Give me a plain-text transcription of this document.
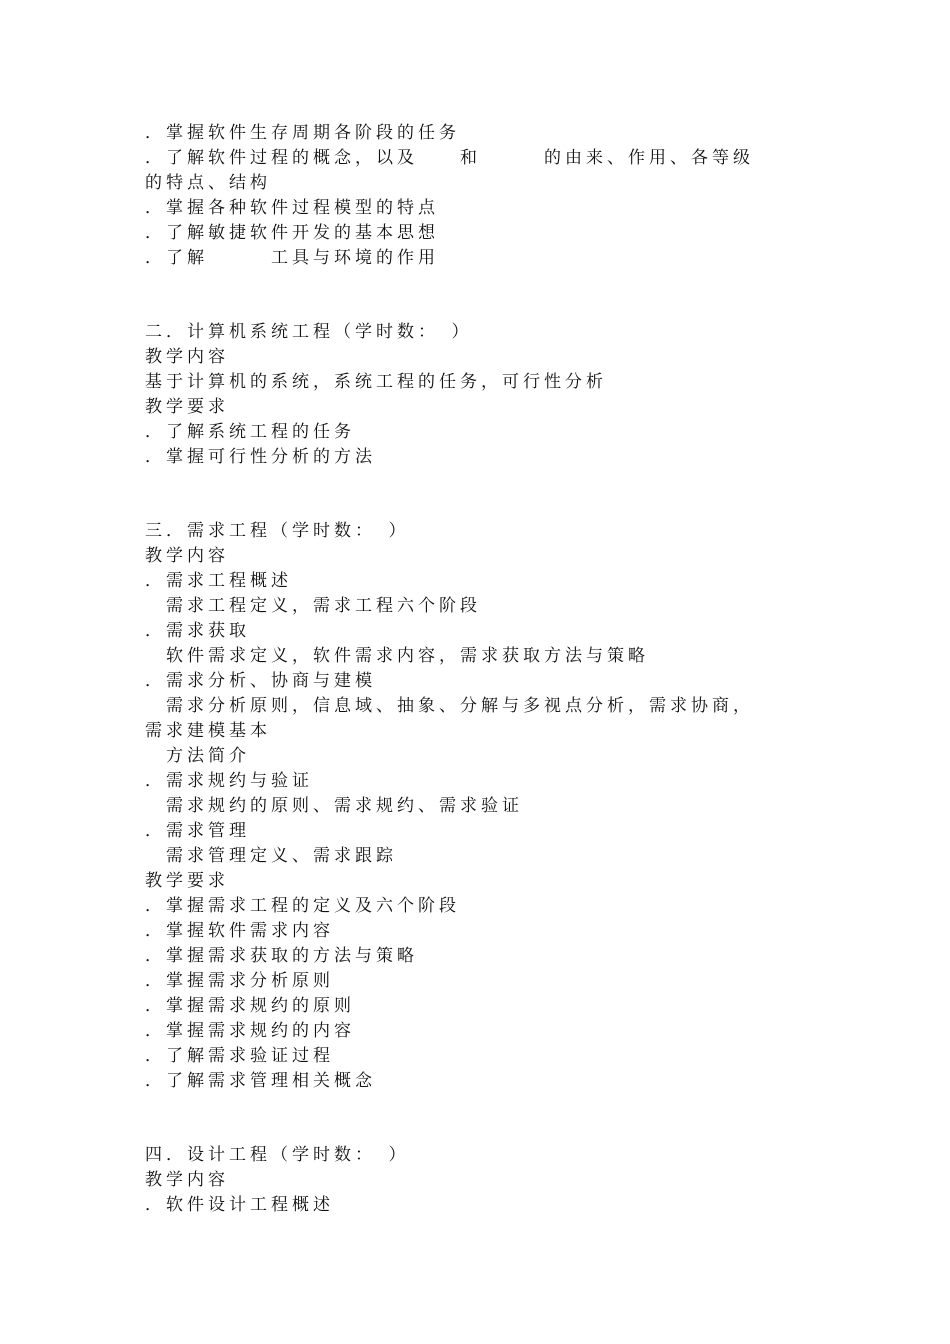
．掌握软件生存周期各阶段的任务
．了解软件过程的概念，以及　　和　　　的由来、作用、各等级
的特点、结构
．掌握各种软件过程模型的特点
．了解敏捷软件开发的基本思想
．了解　　　工具与环境的作用
二．计算机系统工程（学时数：　）
教学内容
基于计算机的系统，系统工程的任务，可行性分析
教学要求
．了解系统工程的任务
．掌握可行性分析的方法
三．需求工程（学时数：　）
教学内容
．需求工程概述
　需求工程定义，需求工程六个阶段
．需求获取
　软件需求定义，软件需求内容，需求获取方法与策略
．需求分析、协商与建模
　需求分析原则，信息域、抽象、分解与多视点分析，需求协商，
需求建模基本
　方法简介
．需求规约与验证
　需求规约的原则、需求规约、需求验证
．需求管理
　需求管理定义、需求跟踪
教学要求
．掌握需求工程的定义及六个阶段
．掌握软件需求内容
．掌握需求获取的方法与策略
．掌握需求分析原则
．掌握需求规约的原则
．掌握需求规约的内容
．了解需求验证过程
．了解需求管理相关概念
四．设计工程（学时数：　）
教学内容
．软件设计工程概述
